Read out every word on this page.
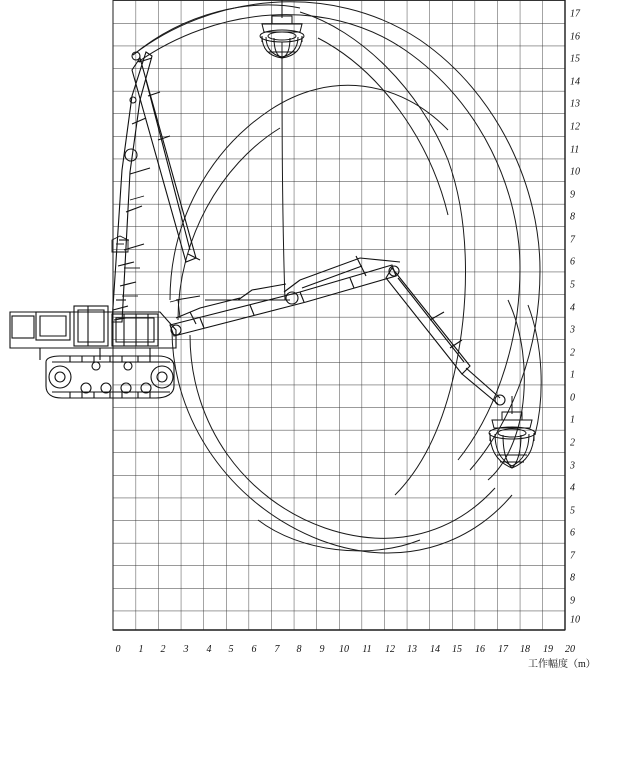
0 1 2 3 4 5 6 7 8 9 10 11 12 13 14 15 16 17 18 19 20
17
16
15
14
13
12
11
10
9
8
7
6
5
4
3
2
1
0
1
2
3
4
5
6
7
8
9
10
工作幅度（m）
